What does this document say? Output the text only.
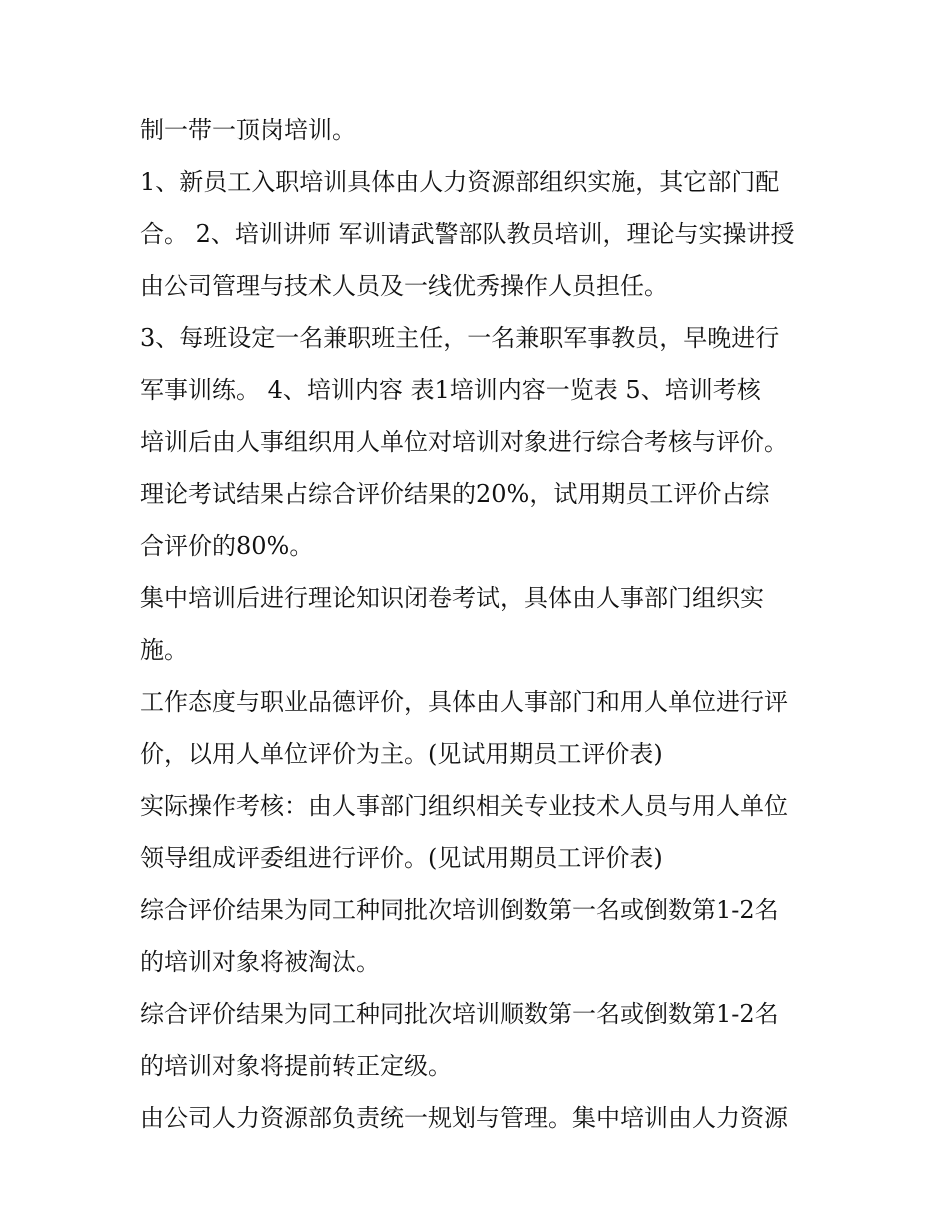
制一带一顶岗培训。
1、新员工入职培训具体由人力资源部组织实施，其它部门配
合。 2、培训讲师 军训请武警部队教员培训，理论与实操讲授
由公司管理与技术人员及一线优秀操作人员担任。
3、每班设定一名兼职班主任，一名兼职军事教员，早晚进行
军事训练。 4、培训内容 表1培训内容一览表 5、培训考核
培训后由人事组织用人单位对培训对象进行综合考核与评价。
理论考试结果占综合评价结果的20%，试用期员工评价占综
合评价的80%。
集中培训后进行理论知识闭卷考试，具体由人事部门组织实
施。
工作态度与职业品德评价，具体由人事部门和用人单位进行评
价，以用人单位评价为主。(见试用期员工评价表)
实际操作考核：由人事部门组织相关专业技术人员与用人单位
领导组成评委组进行评价。(见试用期员工评价表)
综合评价结果为同工种同批次培训倒数第一名或倒数第1-2名
的培训对象将被淘汰。
综合评价结果为同工种同批次培训顺数第一名或倒数第1-2名
的培训对象将提前转正定级。
由公司人力资源部负责统一规划与管理。集中培训由人力资源
